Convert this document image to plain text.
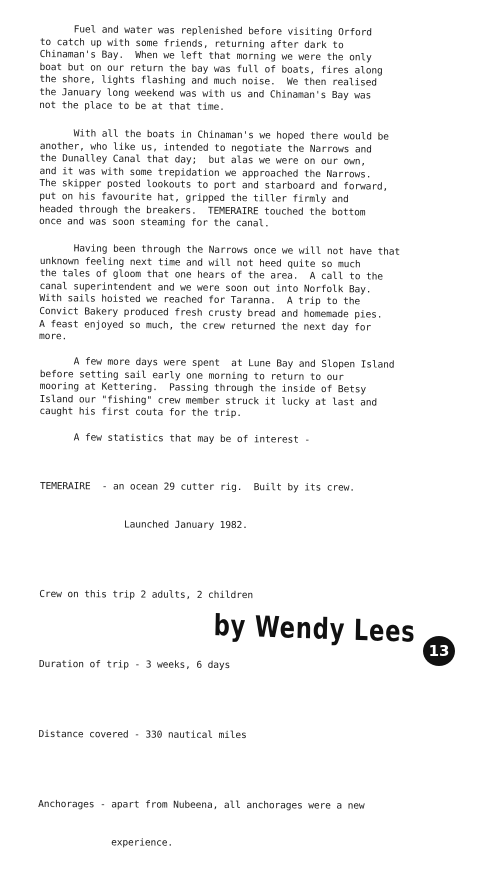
Fuel and water was replenished before visiting Orford
to catch up with some friends, returning after dark to
Chinaman's Bay.  When we left that morning we were the only
boat but on our return the bay was full of boats, fires along
the shore, lights flashing and much noise.  We then realised
the January long weekend was with us and Chinaman's Bay was
not the place to be at that time.
With all the boats in Chinaman's we hoped there would be
another, who like us, intended to negotiate the Narrows and
the Dunalley Canal that day;  but alas we were on our own,
and it was with some trepidation we approached the Narrows.
The skipper posted lookouts to port and starboard and forward,
put on his favourite hat, gripped the tiller firmly and
headed through the breakers.  TEMERAIRE touched the bottom
once and was soon steaming for the canal.
Having been through the Narrows once we will not have that
unknown feeling next time and will not heed quite so much
the tales of gloom that one hears of the area.  A call to the
canal superintendent and we were soon out into Norfolk Bay.
With sails hoisted we reached for Taranna.  A trip to the
Convict Bakery produced fresh crusty bread and homemade pies.
A feast enjoyed so much, the crew returned the next day for
more.
A few more days were spent  at Lune Bay and Slopen Island
before setting sail early one morning to return to our
mooring at Kettering.  Passing through the inside of Betsy
Island our "fishing" crew member struck it lucky at last and
caught his first couta for the trip.
A few statistics that may be of interest -

TEMERAIRE  - an ocean 29 cutter rig.  Built by its crew.

Launched January 1982.

Crew on this trip 2 adults, 2 children

Duration of trip - 3 weeks, 6 days

Distance covered - 330 nautical miles

Anchorages - apart from Nubeena, all anchorages were a new

experience.

by Wendy Lees
13
